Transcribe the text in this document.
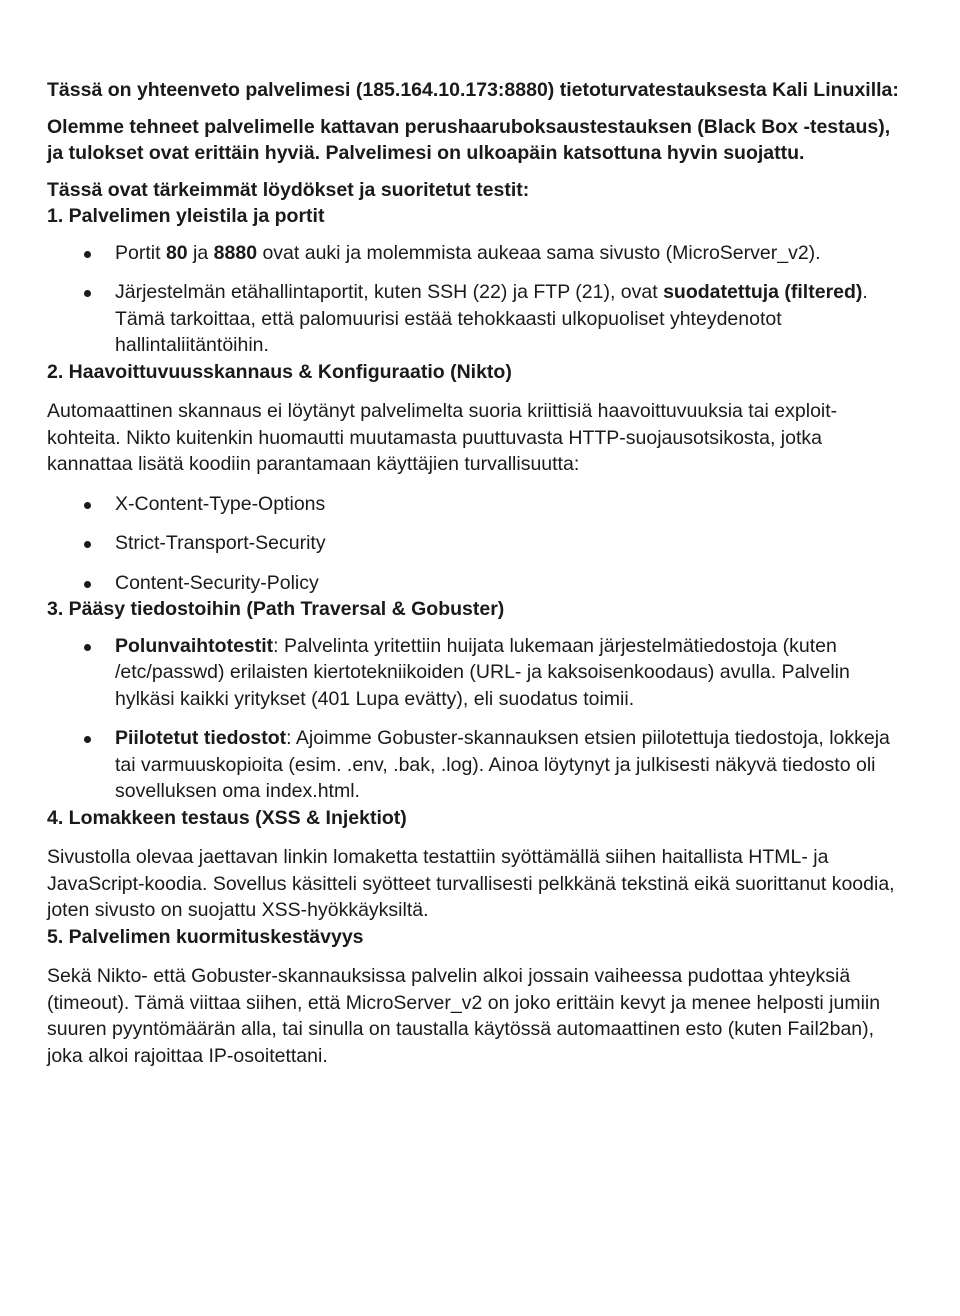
Tässä on yhteenveto palvelimesi (185.164.10.173:8880) tietoturvatestauksesta Kali Linuxilla:

Olemme tehneet palvelimelle kattavan perushaaruboksaustestauksen (Black Box -testaus), ja tulokset ovat erittäin hyviä. Palvelimesi on ulkoapäin katsottuna hyvin suojattu.

Tässä ovat tärkeimmät löydökset ja suoritetut testit:

1. Palvelimen yleistila ja portit

Portit 80 ja 8880 ovat auki ja molemmista aukeaa sama sivusto (MicroServer_v2).
Järjestelmän etähallintaportit, kuten SSH (22) ja FTP (21), ovat suodatettuja (filtered). Tämä tarkoittaa, että palomuurisi estää tehokkaasti ulkopuoliset yhteydenotot hallintaliitäntöihin.

2. Haavoittuvuusskannaus & Konfiguraatio (Nikto)

Automaattinen skannaus ei löytänyt palvelimelta suoria kriittisiä haavoittuvuuksia tai exploit-kohteita. Nikto kuitenkin huomautti muutamasta puuttuvasta HTTP-suojausotsikosta, jotka kannattaa lisätä koodiin parantamaan käyttäjien turvallisuutta:

X-Content-Type-Options
Strict-Transport-Security
Content-Security-Policy

3. Pääsy tiedostoihin (Path Traversal & Gobuster)

Polunvaihtotestit: Palvelinta yritettiin huijata lukemaan järjestelmätiedostoja (kuten /etc/passwd) erilaisten kiertotekniikoiden (URL- ja kaksoisenkoodaus) avulla. Palvelin hylkäsi kaikki yritykset (401 Lupa evätty), eli suodatus toimii.
Piilotetut tiedostot: Ajoimme Gobuster-skannauksen etsien piilotettuja tiedostoja, lokkeja tai varmuuskopioita (esim. .env, .bak, .log). Ainoa löytynyt ja julkisesti näkyvä tiedosto oli sovelluksen oma index.html.

4. Lomakkeen testaus (XSS & Injektiot)

Sivustolla olevaa jaettavan linkin lomaketta testattiin syöttämällä siihen haitallista HTML- ja JavaScript-koodia. Sovellus käsitteli syötteet turvallisesti pelkkänä tekstinä eikä suorittanut koodia, joten sivusto on suojattu XSS-hyökkäyksiltä.

5. Palvelimen kuormituskestävyys

Sekä Nikto- että Gobuster-skannauksissa palvelin alkoi jossain vaiheessa pudottaa yhteyksiä (timeout). Tämä viittaa siihen, että MicroServer_v2 on joko erittäin kevyt ja menee helposti jumiin suuren pyyntömäärän alla, tai sinulla on taustalla käytössä automaattinen esto (kuten Fail2ban), joka alkoi rajoittaa IP-osoitettani.
